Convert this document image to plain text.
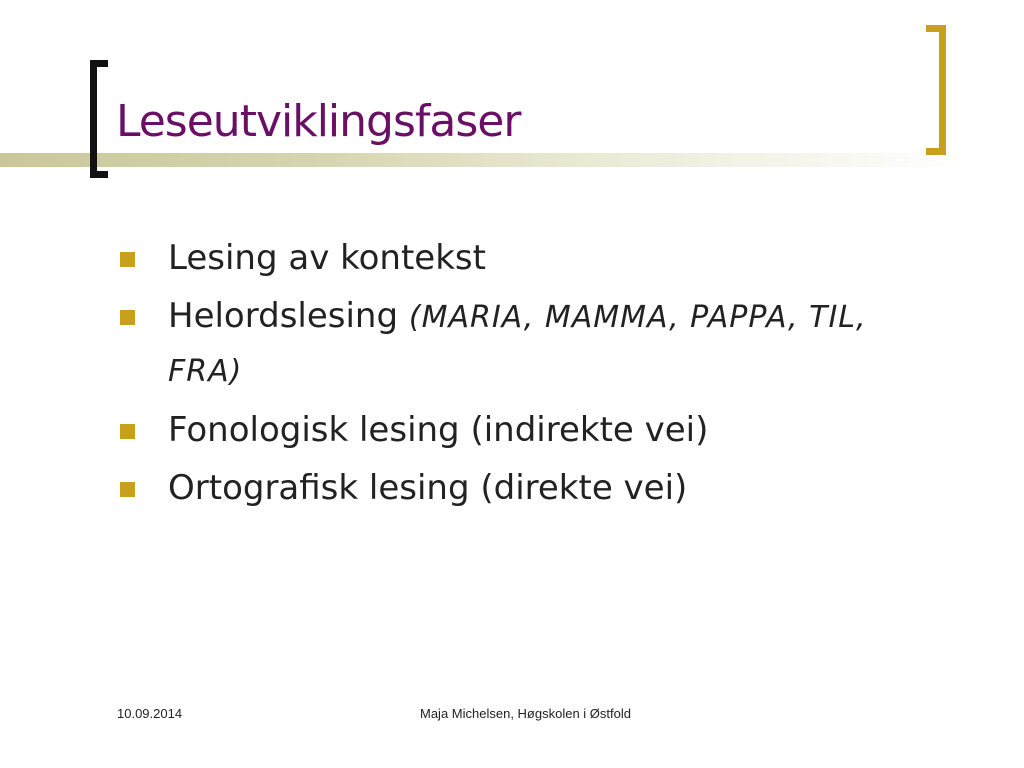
Leseutviklingsfaser
Lesing av kontekst
Helordslesing (MARIA, MAMMA, PAPPA, TIL, FRA)
Fonologisk lesing (indirekte vei)
Ortografisk lesing (direkte vei)
10.09.2014	Maja Michelsen, Høgskolen i Østfold
